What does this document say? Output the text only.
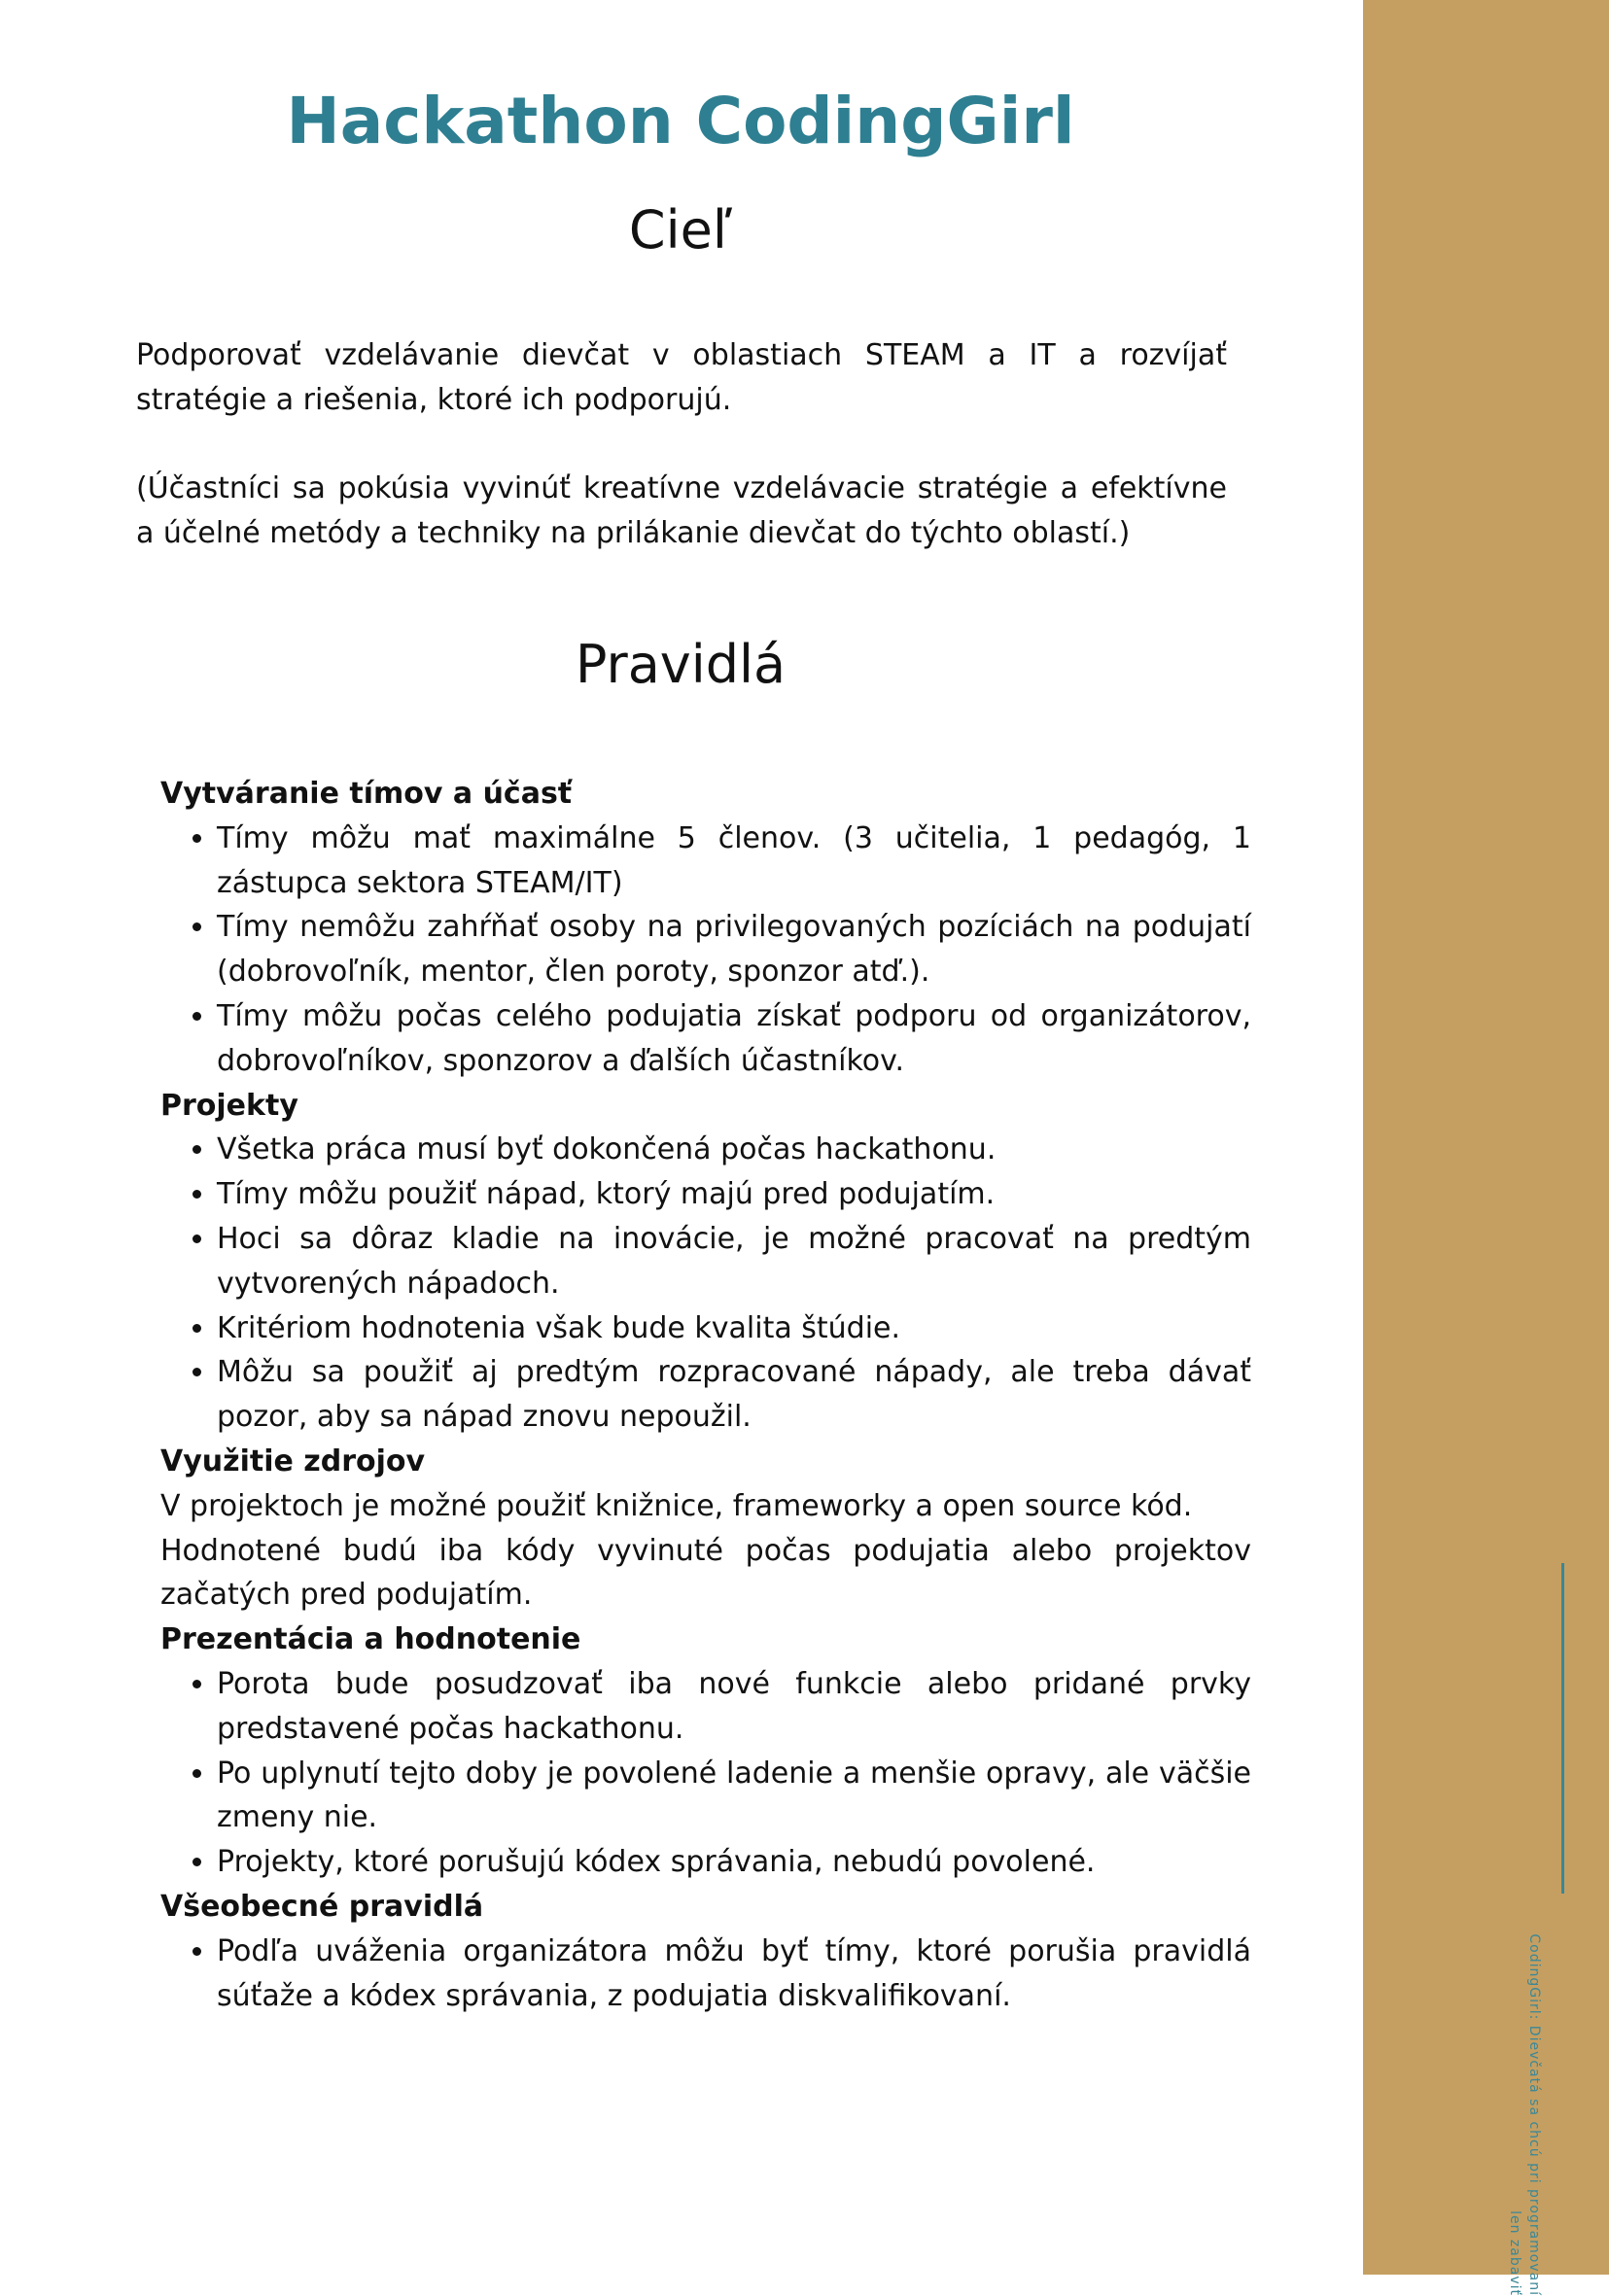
CodingGirl: Dievčatá sa chcú pri programovaní len zabaviť
Hackathon CodingGirl
Cieľ

Podporovať vzdelávanie dievčat v oblastiach STEAM a IT a rozvíjať stratégie a riešenia, ktoré ich podporujú.

(Účastníci sa pokúsia vyvinúť kreatívne vzdelávacie stratégie a efektívne a účelné metódy a techniky na prilákanie dievčat do týchto oblastí.)

Pravidlá

Vytváranie tímov a účasť

• Tímy môžu mať maximálne 5 členov. (3 učitelia, 1 pedagóg, 1 zástupca sektora STEAM/IT)
• Tímy nemôžu zahŕňať osoby na privilegovaných pozíciách na podujatí (dobrovoľník, mentor, člen poroty, sponzor atď.).
• Tímy môžu počas celého podujatia získať podporu od organizátorov, dobrovoľníkov, sponzorov a ďalších účastníkov.

Projekty

• Všetka práca musí byť dokončená počas hackathonu.
• Tímy môžu použiť nápad, ktorý majú pred podujatím.
• Hoci sa dôraz kladie na inovácie, je možné pracovať na predtým vytvorených nápadoch.
• Kritériom hodnotenia však bude kvalita štúdie.
• Môžu sa použiť aj predtým rozpracované nápady, ale treba dávať pozor, aby sa nápad znovu nepoužil.

Využitie zdrojov

V projektoch je možné použiť knižnice, frameworky a open source kód.

Hodnotené budú iba kódy vyvinuté počas podujatia alebo projektov začatých pred podujatím.

Prezentácia a hodnotenie

• Porota bude posudzovať iba nové funkcie alebo pridané prvky predstavené počas hackathonu.
• Po uplynutí tejto doby je povolené ladenie a menšie opravy, ale väčšie zmeny nie.
• Projekty, ktoré porušujú kódex správania, nebudú povolené.

Všeobecné pravidlá

• Podľa uváženia organizátora môžu byť tímy, ktoré porušia pravidlá súťaže a kódex správania, z podujatia diskvalifikovaní.
